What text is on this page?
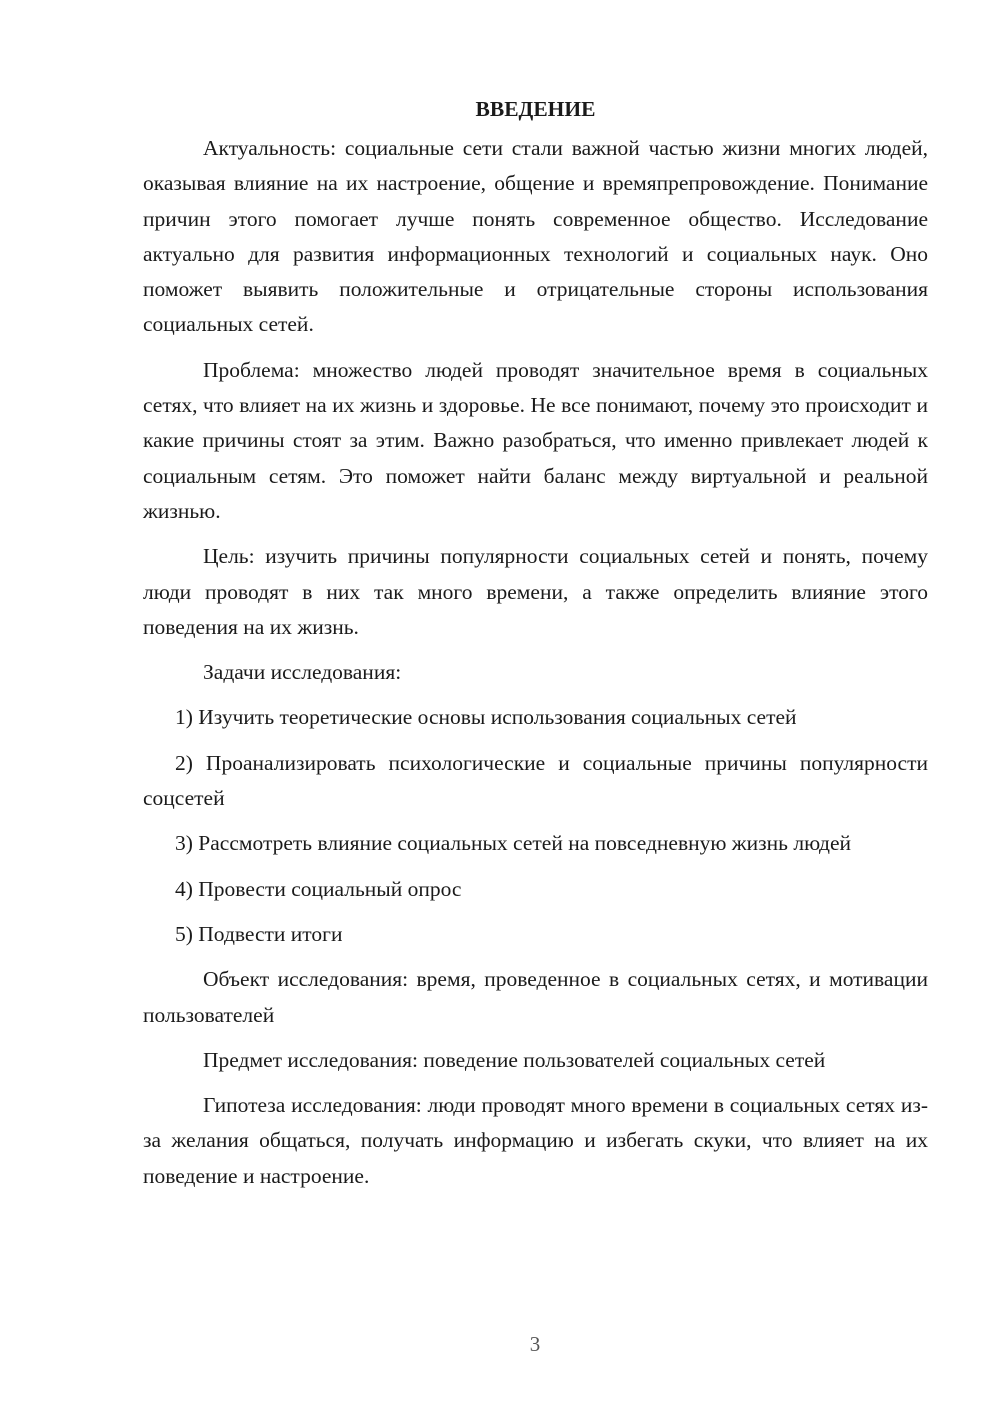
ВВЕДЕНИЕ

Актуальность: социальные сети стали важной частью жизни многих людей, оказывая влияние на их настроение, общение и времяпрепровождение. Понимание причин этого помогает лучше понять современное общество. Исследование актуально для развития информационных технологий и социальных наук. Оно поможет выявить положительные и отрицательные стороны использования социальных сетей.

Проблема: множество людей проводят значительное время в социальных сетях, что влияет на их жизнь и здоровье. Не все понимают, почему это происходит и какие причины стоят за этим. Важно разобраться, что именно привлекает людей к социальным сетям. Это поможет найти баланс между виртуальной и реальной жизнью.

Цель: изучить причины популярности социальных сетей и понять, почему люди проводят в них так много времени, а также определить влияние этого поведения на их жизнь.

Задачи исследования:

1) Изучить теоретические основы использования социальных сетей

2) Проанализировать психологические и социальные причины популярности соцсетей

3) Рассмотреть влияние социальных сетей на повседневную жизнь людей

4) Провести социальный опрос

5) Подвести итоги

Объект исследования: время, проведенное в социальных сетях, и мотивации пользователей

Предмет исследования: поведение пользователей социальных сетей

Гипотеза исследования: люди проводят много времени в социальных сетях из-за желания общаться, получать информацию и избегать скуки, что влияет на их поведение и настроение.

3
